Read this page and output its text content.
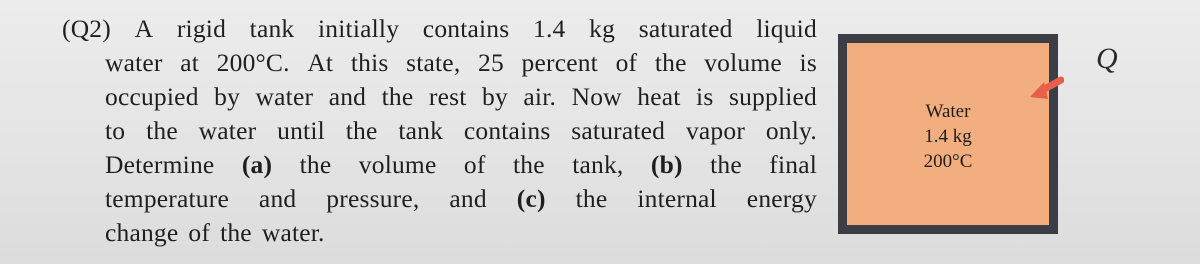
(Q2) A rigid tank initially contains 1.4 kg saturated liquid
water at 200°C. At this state, 25 percent of the volume is
occupied by water and the rest by air. Now heat is supplied
to the water until the tank contains saturated vapor only.
Determine (a) the volume of the tank, (b) the final
temperature and pressure, and (c) the internal energy
change of the water.
Water
1.4 kg
200°C
Q
